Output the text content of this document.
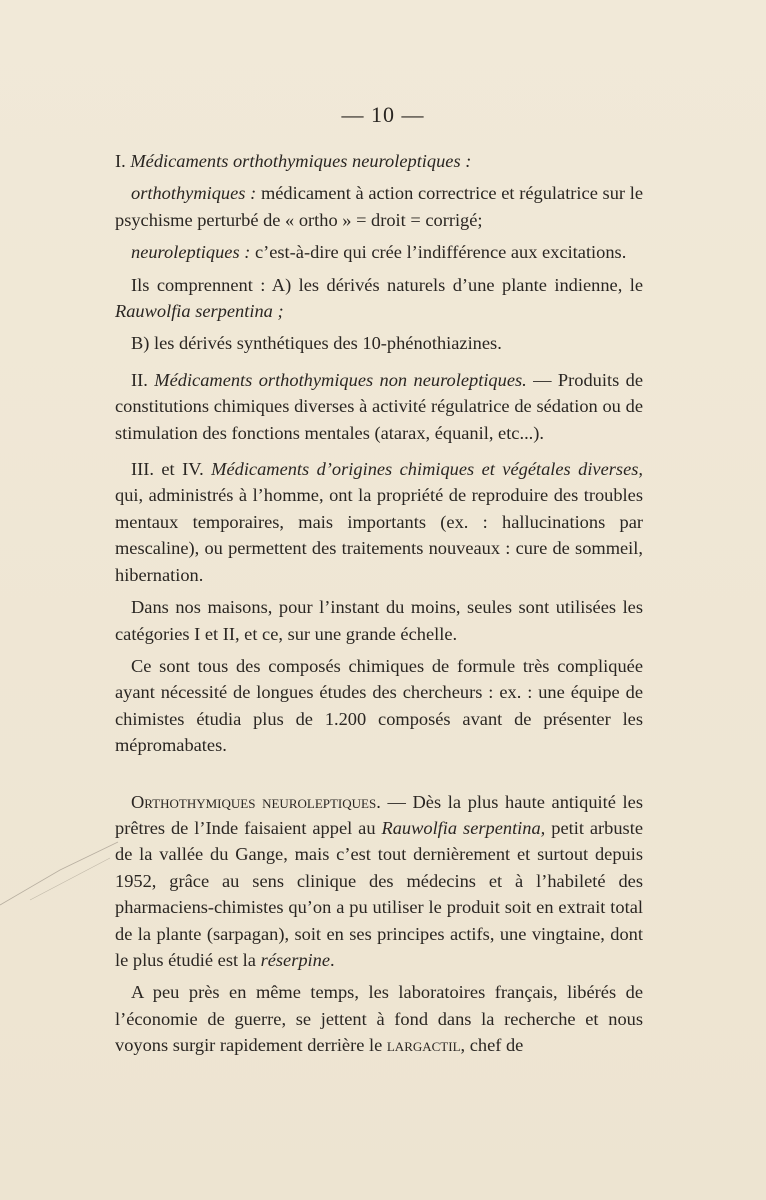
— 10 —

I. Médicaments orthothymiques neuroleptiques :

orthothymiques : médicament à action correctrice et régulatrice sur le psychisme perturbé de « ortho » = droit = corrigé;

neuroleptiques : c’est-à-dire qui crée l’indifférence aux excitations.

Ils comprennent : A) les dérivés naturels d’une plante indienne, le Rauwolfia serpentina ;

B) les dérivés synthétiques des 10-phénothiazines.

II. Médicaments orthothymiques non neuroleptiques. — Produits de constitutions chimiques diverses à activité régulatrice de sédation ou de stimulation des fonctions mentales (atarax, équanil, etc...).

III. et IV. Médicaments d’origines chimiques et végétales diverses, qui, administrés à l’homme, ont la propriété de reproduire des troubles mentaux temporaires, mais importants (ex. : hallucinations par mescaline), ou permettent des traitements nouveaux : cure de sommeil, hibernation.

Dans nos maisons, pour l’instant du moins, seules sont utilisées les catégories I et II, et ce, sur une grande échelle.

Ce sont tous des composés chimiques de formule très compliquée ayant nécessité de longues études des chercheurs : ex. : une équipe de chimistes étudia plus de 1.200 composés avant de présenter les mépromabates.

Orthothymiques neuroleptiques. — Dès la plus haute antiquité les prêtres de l’Inde faisaient appel au Rauwolfia serpentina, petit arbuste de la vallée du Gange, mais c’est tout dernièrement et surtout depuis 1952, grâce au sens clinique des médecins et à l’habileté des pharmaciens-chimistes qu’on a pu utiliser le produit soit en extrait total de la plante (sarpagan), soit en ses principes actifs, une vingtaine, dont le plus étudié est la réserpine.

A peu près en même temps, les laboratoires français, libérés de l’économie de guerre, se jettent à fond dans la recherche et nous voyons surgir rapidement derrière le largactil, chef de
